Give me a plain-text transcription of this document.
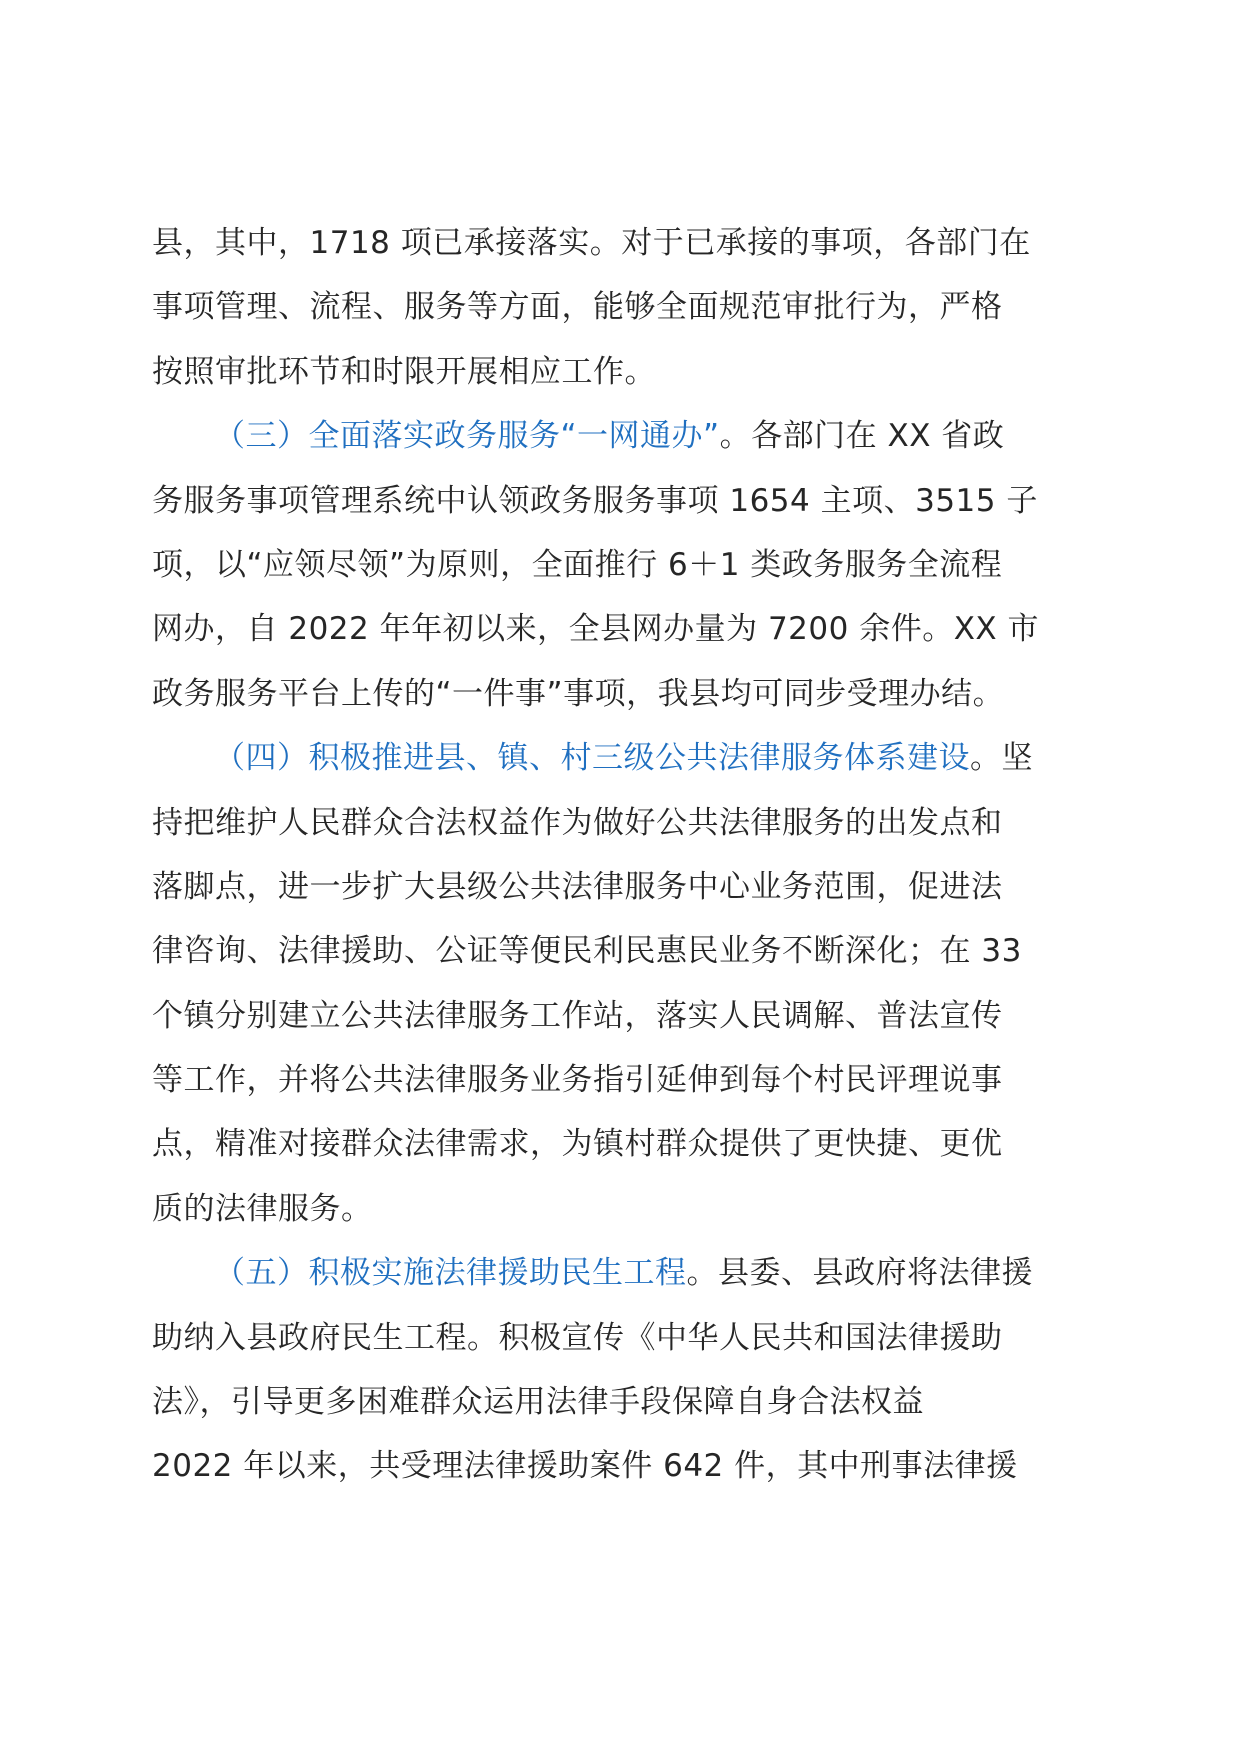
县，其中，1718 项已承接落实。对于已承接的事项，各部门在
事项管理、流程、服务等方面，能够全面规范审批行为，严格
按照审批环节和时限开展相应工作。
（三）全面落实政务服务“一网通办”。各部门在 XX 省政
务服务事项管理系统中认领政务服务事项 1654 主项、3515 子
项，以“应领尽领”为原则，全面推行 6＋1 类政务服务全流程
网办，自 2022 年年初以来，全县网办量为 7200 余件。XX 市
政务服务平台上传的“一件事”事项，我县均可同步受理办结。
（四）积极推进县、镇、村三级公共法律服务体系建设。坚
持把维护人民群众合法权益作为做好公共法律服务的出发点和
落脚点，进一步扩大县级公共法律服务中心业务范围，促进法
律咨询、法律援助、公证等便民利民惠民业务不断深化；在 33
个镇分别建立公共法律服务工作站，落实人民调解、普法宣传
等工作，并将公共法律服务业务指引延伸到每个村民评理说事
点，精准对接群众法律需求，为镇村群众提供了更快捷、更优
质的法律服务。
（五）积极实施法律援助民生工程。县委、县政府将法律援
助纳入县政府民生工程。积极宣传《中华人民共和国法律援助
法》，引导更多困难群众运用法律手段保障自身合法权益
2022 年以来，共受理法律援助案件 642 件，其中刑事法律援
